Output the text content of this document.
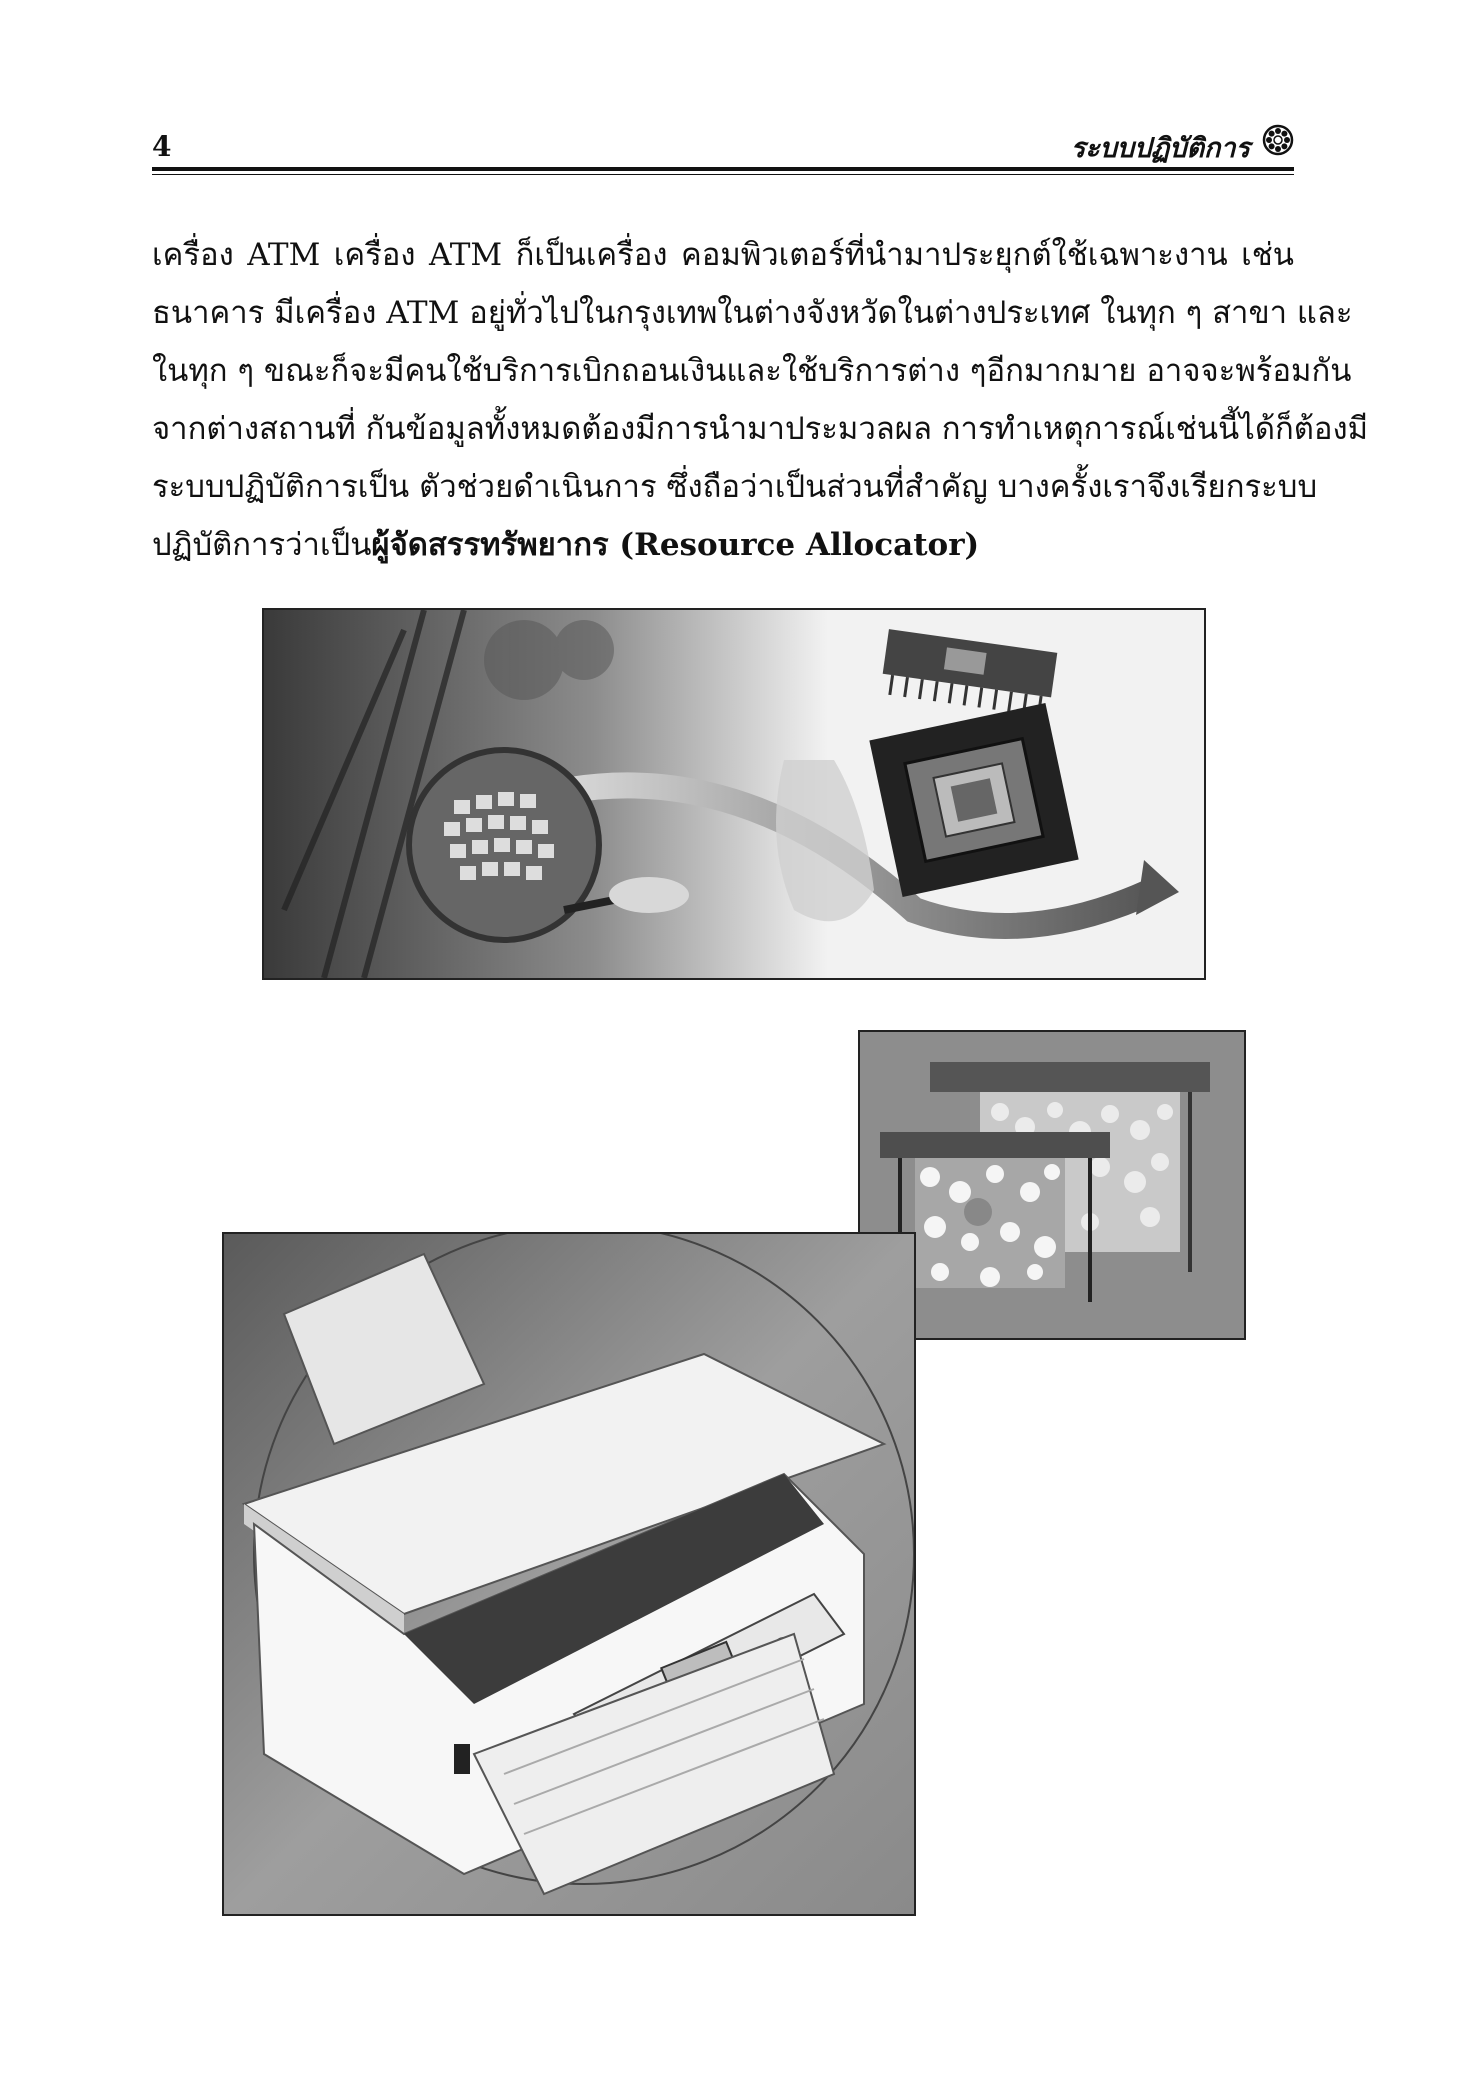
4	ระบบปฏิบัติการ
เครื่อง ATM เครื่อง ATM ก็เป็นเครื่อง คอมพิวเตอร์ที่นำมาประยุกต์ใช้เฉพาะงาน เช่น
ธนาคาร มีเครื่อง ATM อยู่ทั่วไปในกรุงเทพในต่างจังหวัดในต่างประเทศ ในทุก ๆ สาขา และ
ในทุก ๆ ขณะก็จะมีคนใช้บริการเบิกถอนเงินและใช้บริการต่าง ๆอีกมากมาย อาจจะพร้อมกัน
จากต่างสถานที่ กันข้อมูลทั้งหมดต้องมีการนำมาประมวลผล การทำเหตุการณ์เช่นนี้ได้ก็ต้องมี
ระบบปฏิบัติการเป็น ตัวช่วยดำเนินการ ซึ่งถือว่าเป็นส่วนที่สำคัญ บางครั้งเราจึงเรียกระบบ
ปฏิบัติการว่าเป็นผู้จัดสรรทรัพยากร (Resource Allocator)
